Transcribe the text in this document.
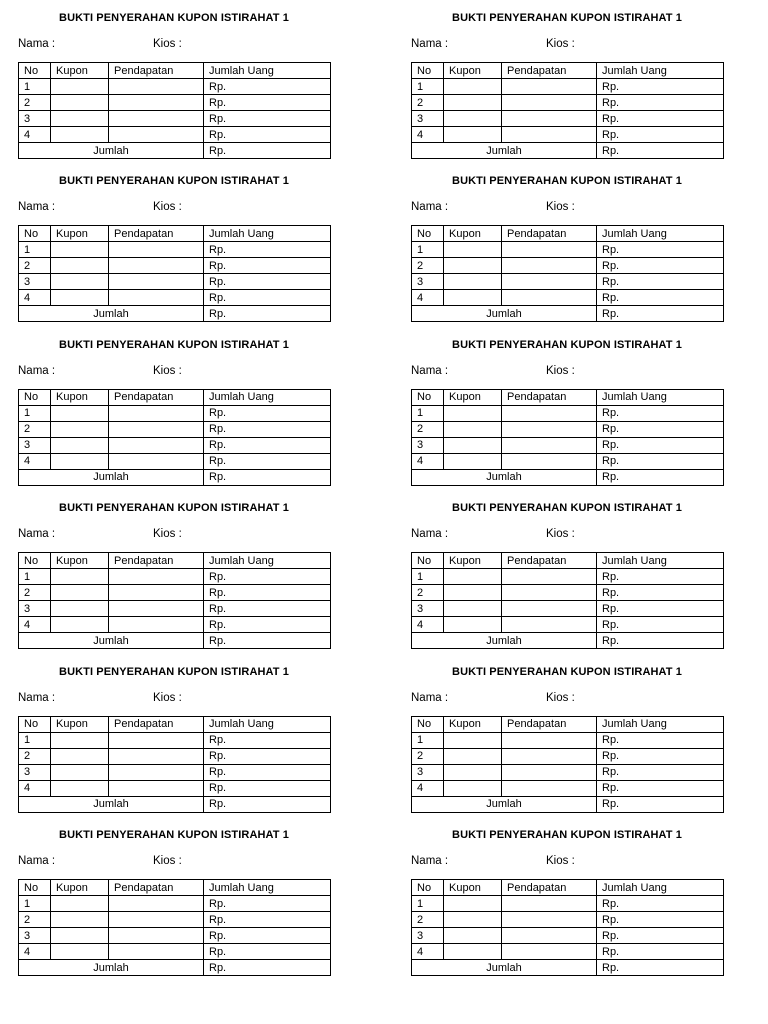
BUKTI PENYERAHAN KUPON ISTIRAHAT 1
Nama :	Kios :
No	Kupon	Pendapatan	Jumlah Uang
1			Rp.
2			Rp.
3			Rp.
4			Rp.
Jumlah			Rp.
BUKTI PENYERAHAN KUPON ISTIRAHAT 1
Nama :	Kios :
No	Kupon	Pendapatan	Jumlah Uang
1			Rp.
2			Rp.
3			Rp.
4			Rp.
Jumlah			Rp.
BUKTI PENYERAHAN KUPON ISTIRAHAT 1
Nama :	Kios :
No	Kupon	Pendapatan	Jumlah Uang
1			Rp.
2			Rp.
3			Rp.
4			Rp.
Jumlah			Rp.
BUKTI PENYERAHAN KUPON ISTIRAHAT 1
Nama :	Kios :
No	Kupon	Pendapatan	Jumlah Uang
1			Rp.
2			Rp.
3			Rp.
4			Rp.
Jumlah			Rp.
BUKTI PENYERAHAN KUPON ISTIRAHAT 1
Nama :	Kios :
No	Kupon	Pendapatan	Jumlah Uang
1			Rp.
2			Rp.
3			Rp.
4			Rp.
Jumlah			Rp.
BUKTI PENYERAHAN KUPON ISTIRAHAT 1
Nama :	Kios :
No	Kupon	Pendapatan	Jumlah Uang
1			Rp.
2			Rp.
3			Rp.
4			Rp.
Jumlah			Rp.
BUKTI PENYERAHAN KUPON ISTIRAHAT 1
Nama :	Kios :
No	Kupon	Pendapatan	Jumlah Uang
1			Rp.
2			Rp.
3			Rp.
4			Rp.
Jumlah			Rp.
BUKTI PENYERAHAN KUPON ISTIRAHAT 1
Nama :	Kios :
No	Kupon	Pendapatan	Jumlah Uang
1			Rp.
2			Rp.
3			Rp.
4			Rp.
Jumlah			Rp.
BUKTI PENYERAHAN KUPON ISTIRAHAT 1
Nama :	Kios :
No	Kupon	Pendapatan	Jumlah Uang
1			Rp.
2			Rp.
3			Rp.
4			Rp.
Jumlah			Rp.
BUKTI PENYERAHAN KUPON ISTIRAHAT 1
Nama :	Kios :
No	Kupon	Pendapatan	Jumlah Uang
1			Rp.
2			Rp.
3			Rp.
4			Rp.
Jumlah			Rp.
BUKTI PENYERAHAN KUPON ISTIRAHAT 1
Nama :	Kios :
No	Kupon	Pendapatan	Jumlah Uang
1			Rp.
2			Rp.
3			Rp.
4			Rp.
Jumlah			Rp.
BUKTI PENYERAHAN KUPON ISTIRAHAT 1
Nama :	Kios :
No	Kupon	Pendapatan	Jumlah Uang
1			Rp.
2			Rp.
3			Rp.
4			Rp.
Jumlah			Rp.
